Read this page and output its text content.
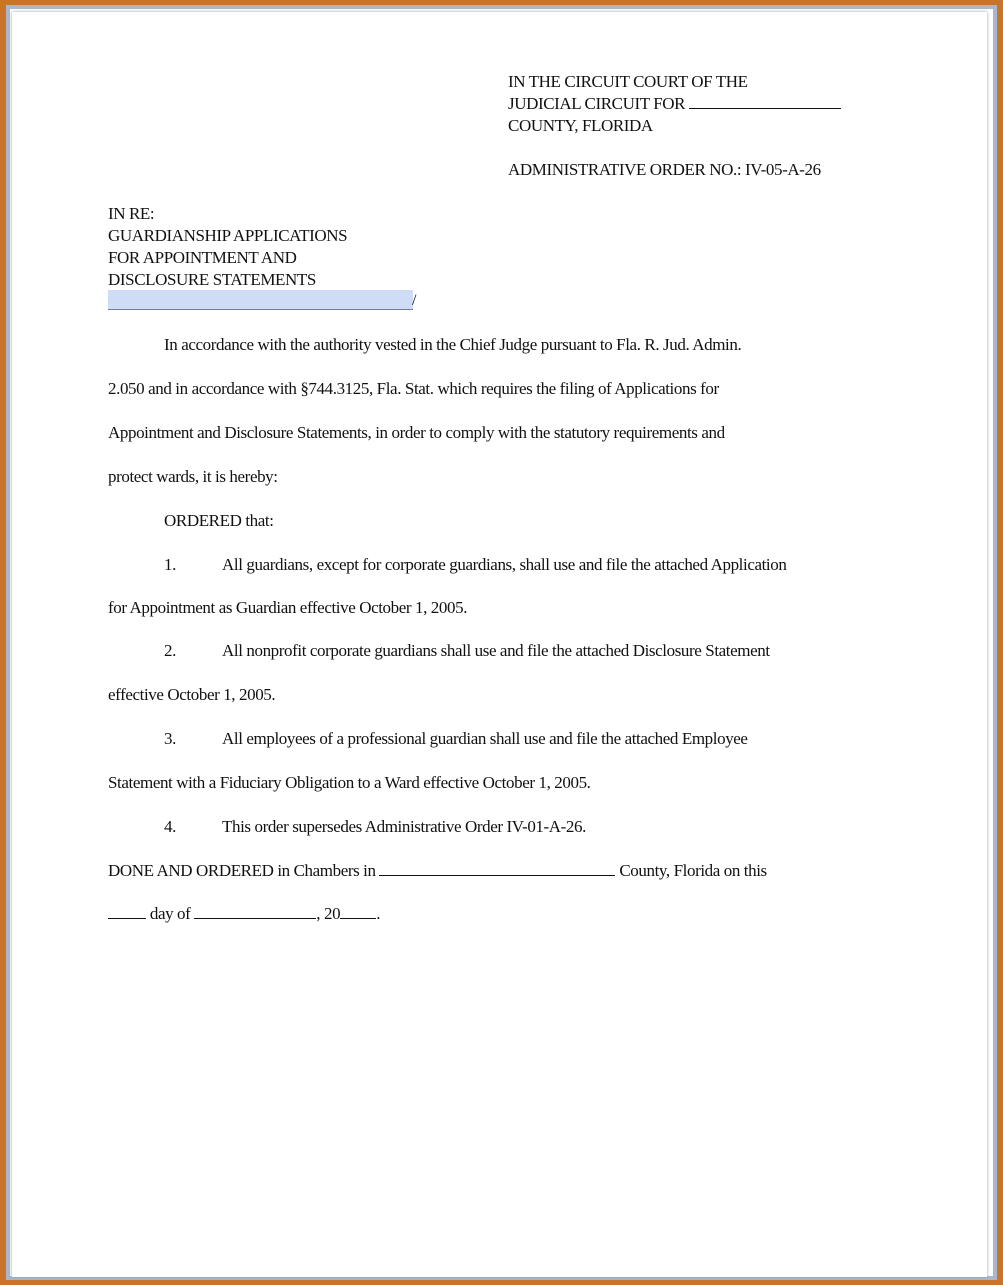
IN THE CIRCUIT COURT OF THE
JUDICIAL CIRCUIT FOR
COUNTY, FLORIDA
ADMINISTRATIVE ORDER NO.: IV-05-A-26
IN RE:
GUARDIANSHIP APPLICATIONS
FOR APPOINTMENT AND
DISCLOSURE STATEMENTS
/
In accordance with the authority vested in the Chief Judge pursuant to Fla. R. Jud. Admin.
2.050 and in accordance with §744.3125, Fla. Stat. which requires the filing of Applications for
Appointment and Disclosure Statements, in order to comply with the statutory requirements and
protect wards, it is hereby:
ORDERED that:
1.	All guardians, except for corporate guardians, shall use and file the attached Application
for Appointment as Guardian effective October 1, 2005.
2.	All nonprofit corporate guardians shall use and file the attached Disclosure Statement
effective October 1, 2005.
3.	All employees of a professional guardian shall use and file the attached Employee
Statement with a Fiduciary Obligation to a Ward effective October 1, 2005.
4.	This order supersedes Administrative Order IV-01-A-26.
DONE AND ORDERED in Chambers in	County, Florida on this
day of	, 20 .
